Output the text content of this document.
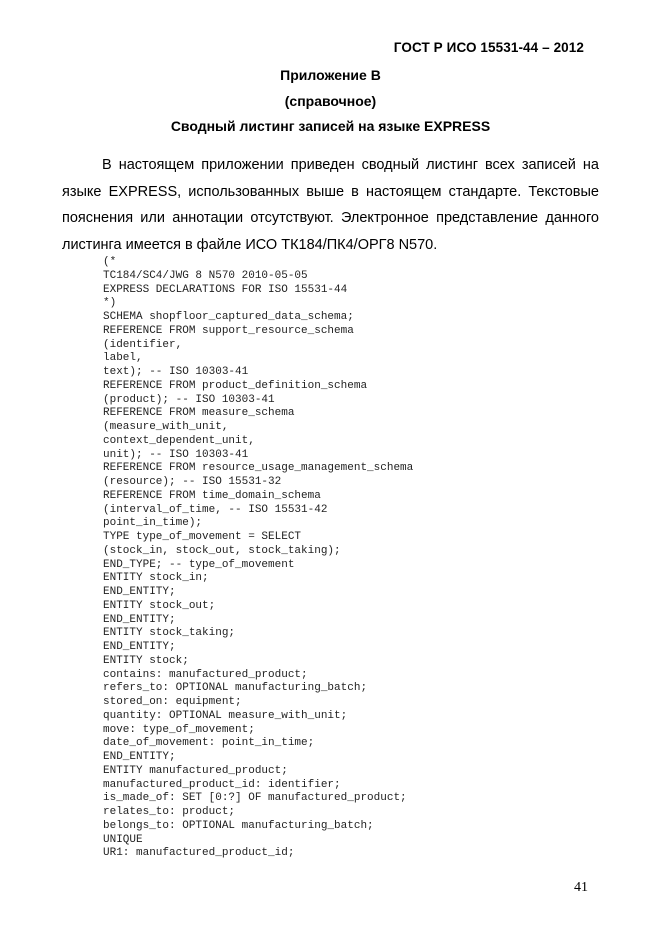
ГОСТ Р ИСО 15531-44 – 2012
Приложение В
(справочное)
Сводный листинг записей на языке EXPRESS

В настоящем приложении приведен сводный листинг всех записей на языке EXPRESS, использованных выше в настоящем стандарте. Текстовые пояснения или аннотации отсутствуют. Электронное представление данного листинга имеется в файле ИСО ТК184/ПК4/ОРГ8 N570.

(*
TC184/SC4/JWG 8 N570 2010-05-05
EXPRESS DECLARATIONS FOR ISO 15531-44
*)
SCHEMA shopfloor_captured_data_schema;
REFERENCE FROM support_resource_schema
(identifier,
label,
text); -- ISO 10303-41
REFERENCE FROM product_definition_schema
(product); -- ISO 10303-41
REFERENCE FROM measure_schema
(measure_with_unit,
context_dependent_unit,
unit); -- ISO 10303-41
REFERENCE FROM resource_usage_management_schema
(resource); -- ISO 15531-32
REFERENCE FROM time_domain_schema
(interval_of_time, -- ISO 15531-42
point_in_time);
TYPE type_of_movement = SELECT
(stock_in, stock_out, stock_taking);
END_TYPE; -- type_of_movement
ENTITY stock_in;
END_ENTITY;
ENTITY stock_out;
END_ENTITY;
ENTITY stock_taking;
END_ENTITY;
ENTITY stock;
contains: manufactured_product;
refers_to: OPTIONAL manufacturing_batch;
stored_on: equipment;
quantity: OPTIONAL measure_with_unit;
move: type_of_movement;
date_of_movement: point_in_time;
END_ENTITY;
ENTITY manufactured_product;
manufactured_product_id: identifier;
is_made_of: SET [0:?] OF manufactured_product;
relates_to: product;
belongs_to: OPTIONAL manufacturing_batch;
UNIQUE
UR1: manufactured_product_id;
41
